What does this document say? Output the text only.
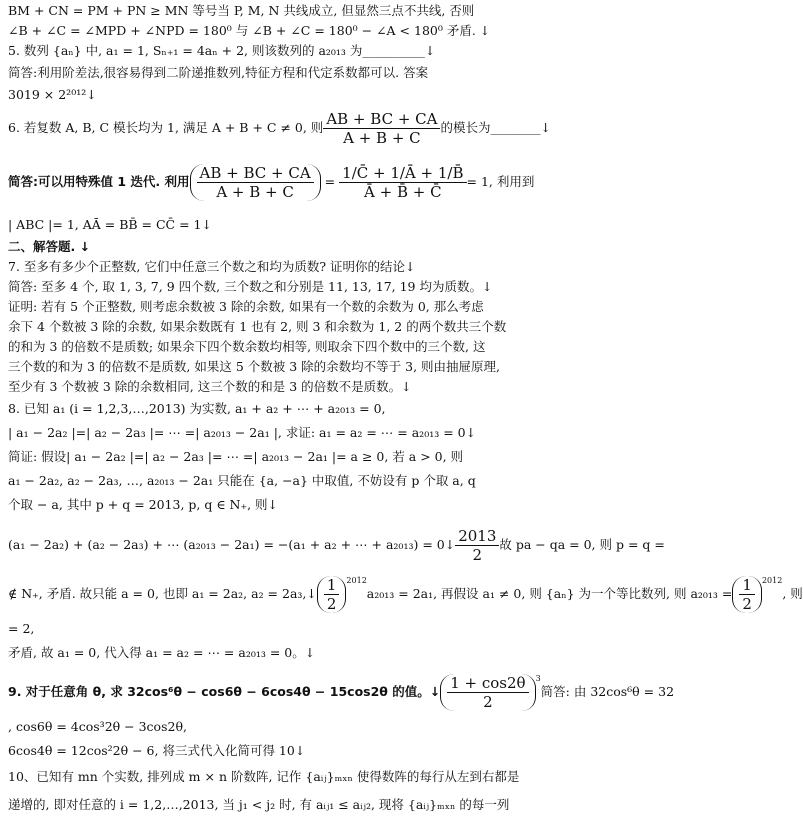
BM + CN = PM + PN ≥ MN 等号当 P, M, N 共线成立, 但显然三点不共线, 否则
∠B + ∠C = ∠MPD + ∠NPD = 180⁰ 与 ∠B + ∠C = 180⁰ − ∠A < 180⁰ 矛盾. ↓
5. 数列 {aₙ} 中, a₁ = 1, Sₙ₊₁ = 4aₙ + 2, 则该数列的 a₂₀₁₃ 为__________↓
简答:利用阶差法,很容易得到二阶递推数列,特征方程和代定系数都可以. 答案
3019 × 2²⁰¹²↓
6. 若复数 A, B, C 模长均为 1, 满足 A + B + C ≠ 0, 则 $\frac{AB + BC + CA}{A + B + C}$ 的模长为________↓
简答:可以用特殊值 1 迭代. 利用 $\frac{AB + BC + CA}{A + B + C} = \frac{1/C̄ + 1/Ā + 1/B̄}{Ā + B̄ + C̄} = 1$, 利用到
| ABC |= 1, AĀ = BB̄ = CC̄ = 1↓
二、解答题. ↓
7. 至多有多少个正整数, 它们中任意三个数之和均为质数? 证明你的结论↓
简答: 至多 4 个, 取 1, 3, 7, 9 四个数, 三个数之和分别是 11, 13, 17, 19 均为质数。↓
证明: 若有 5 个正整数, 则考虑余数被 3 除的余数, 如果有一个数的余数为 0, 那么考虑
余下 4 个数被 3 除的余数, 如果余数既有 1 也有 2, 则 3 和余数为 1, 2 的两个数共三个数
的和为 3 的倍数不是质数; 如果余下四个数余数均相等, 则取余下四个数中的三个数, 这
三个数的和为 3 的倍数不是质数, 如果这 5 个数被 3 除的余数均不等于 3, 则由抽屉原理,
至少有 3 个数被 3 除的余数相同, 这三个数的和是 3 的倍数不是质数。↓
8. 已知 a₁ (i = 1,2,3,…,2013) 为实数, a₁ + a₂ + ⋯ + a₂₀₁₃ = 0,
| a₁ − 2a₂ |=| a₂ − 2a₃ |= ⋯ =| a₂₀₁₃ − 2a₁ |, 求证: a₁ = a₂ = ⋯ = a₂₀₁₃ = 0↓
简证: 假设| a₁ − 2a₂ |=| a₂ − 2a₃ |= ⋯ =| a₂₀₁₃ − 2a₁ |= a ≥ 0, 若 a > 0, 则
a₁ − 2a₂, a₂ − 2a₃, …, a₂₀₁₃ − 2a₁ 只能在 {a, −a} 中取值, 不妨设有 p 个取 a, q
个取 − a, 其中 p + q = 2013, p, q ∈ N₊, 则↓
(a₁ − 2a₂) + (a₂ − 2a₃) + ⋯ (a₂₀₁₃ − 2a₁) = −(a₁ + a₂ + ⋯ + a₂₀₁₃) = 0↓ $\frac{2013}{2}$ 故 pa − qa = 0, 则 p = q =
∉ N₊, 矛盾. 故只能 a = 0, 也即 a₁ = 2a₂, a₂ = 2a₃,↓ $\frac{1}{2} ^{2012}$
a₂₀₁₃ = 2a₁, 再假设 a₁ ≠ 0, 则 {aₙ} 为一个等比数列, 则 $a_{2013} = \frac{1}{2} ^{2012}$
, 则
= 2,
矛盾, 故 a₁ = 0, 代入得 a₁ = a₂ = ⋯ = a₂₀₁₃ = 0。↓
9. 对于任意角 θ, 求 32cos⁶θ − cos6θ − 6cos4θ − 15cos2θ 的值。↓ $\frac{1 + \cos 2\theta}{2} ^3$
简答: 由 32cos⁶θ = 32
, cos6θ = 4cos³2θ − 3cos2θ,
6cos4θ = 12cos²2θ − 6, 将三式代入化简可得 10↓
10、已知有 mn 个实数, 排列成 m × n 阶数阵, 记作 {aᵢⱼ}ₘₓₙ 使得数阵的每行从左到右都是
递增的, 即对任意的 i = 1,2,…,2013, 当 j₁ < j₂ 时, 有 aᵢⱼ₁ ≤ aᵢⱼ₂, 现将 {aᵢⱼ}ₘₓₙ 的每一列
